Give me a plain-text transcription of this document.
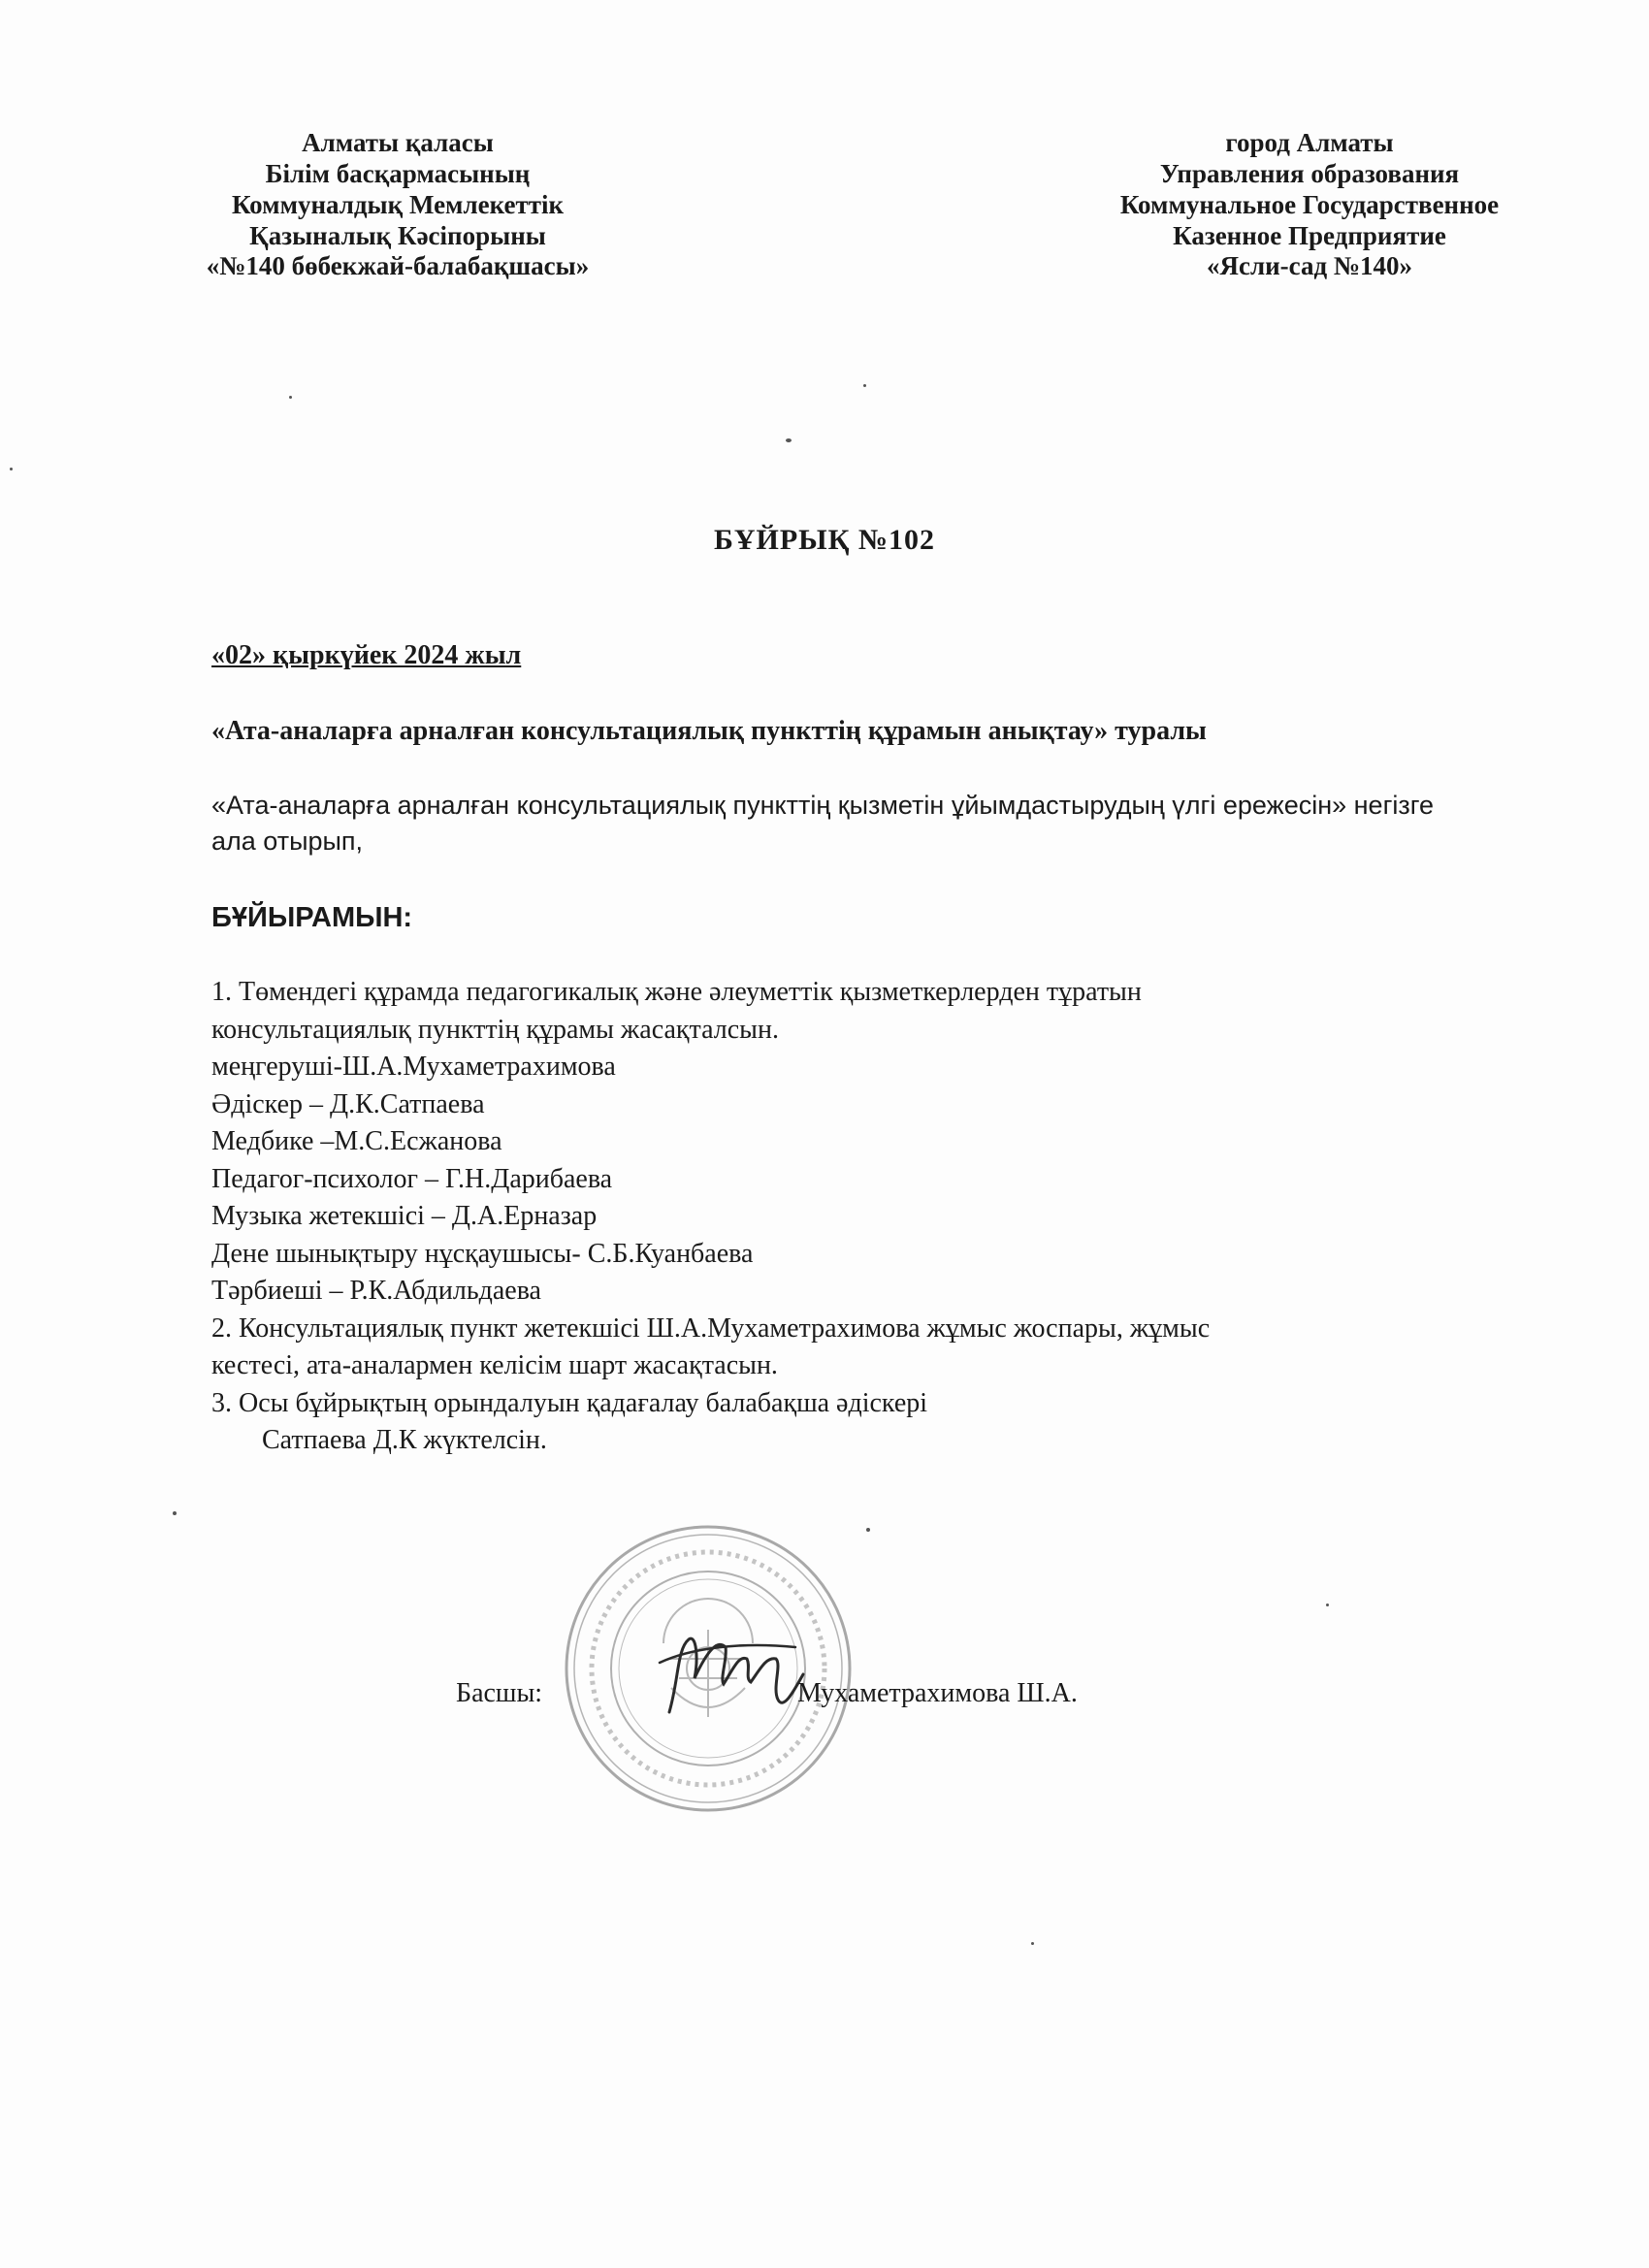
Алматы қаласы
Білім басқармасының
Коммуналдық Мемлекеттік
Қазыналық Кәсіпорыны
«№140 бөбекжай-балабақшасы»
город Алматы
Управления образования
Коммунальное Государственное
Казенное Предприятие
«Ясли-сад №140»
БҰЙРЫҚ №102
«02» қыркүйек 2024 жыл
«Ата-аналарға арналған консультациялық пункттің құрамын анықтау» туралы
«Ата-аналарға арналған консультациялық пункттің қызметін ұйымдастырудың үлгі ережесін» негізге ала отырып,
БҰЙЫРАМЫН:
1. Төмендегі құрамда педагогикалық және әлеуметтік қызметкерлерден тұратын
консультациялық пункттің құрамы жасақталсын.
меңгеруші-Ш.А.Мухаметрахимова
Әдіскер – Д.К.Сатпаева
Медбике –М.С.Есжанова
Педагог-психолог – Г.Н.Дарибаева
Музыка жетекшісі – Д.А.Ерназар
Дене шынықтыру нұсқаушысы- С.Б.Куанбаева
Тәрбиеші – Р.К.Абдильдаева
2. Консультациялық пункт жетекшісі Ш.А.Мухаметрахимова жұмыс жоспары, жұмыс
кестесі, ата-аналармен келісім шарт жасақтасын.
3. Осы бұйрықтың орындалуын қадағалау балабақша әдіскері
Сатпаева Д.К жүктелсін.
Басшы:	Мухаметрахимова Ш.А.
